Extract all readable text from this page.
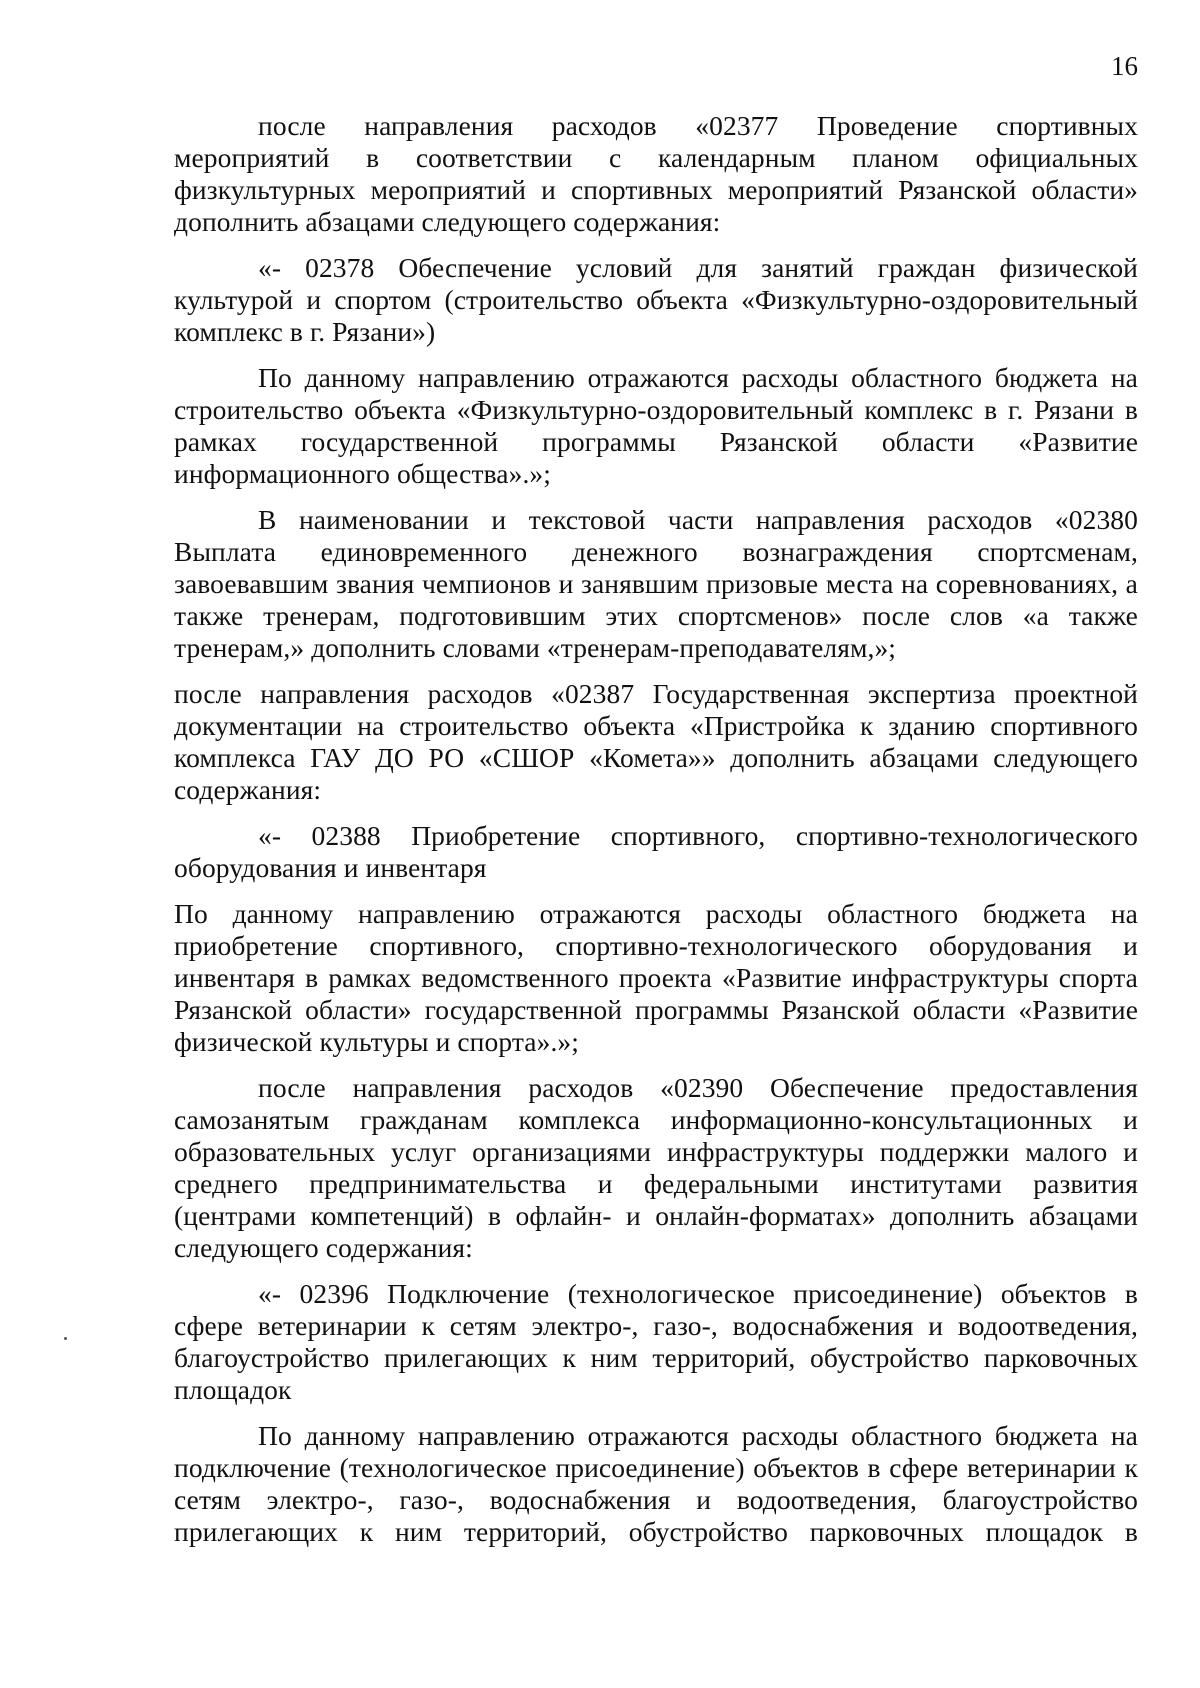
16

после направления расходов «02377 Проведение спортивных мероприятий в соответствии с календарным планом официальных физкультурных мероприятий и спортивных мероприятий Рязанской области» дополнить абзацами следующего содержания:

«- 02378 Обеспечение условий для занятий граждан физической культурой и спортом (строительство объекта «Физкультурно-оздоровительный комплекс в г. Рязани»)

По данному направлению отражаются расходы областного бюджета на строительство объекта «Физкультурно-оздоровительный комплекс в г. Рязани в рамках государственной программы Рязанской области «Развитие информационного общества».»;

В наименовании и текстовой части направления расходов «02380 Выплата единовременного денежного вознаграждения спортсменам, завоевавшим звания чемпионов и занявшим призовые места на соревнованиях, а также тренерам, подготовившим этих спортсменов» после слов «а также тренерам,» дополнить словами «тренерам-преподавателям,»;

после направления расходов «02387 Государственная экспертиза проектной документации на строительство объекта «Пристройка к зданию спортивного комплекса ГАУ ДО РО «СШОР «Комета»» дополнить абзацами следующего содержания:

«- 02388 Приобретение спортивного, спортивно-технологического оборудования и инвентаря

По данному направлению отражаются расходы областного бюджета на приобретение спортивного, спортивно-технологического оборудования и инвентаря в рамках ведомственного проекта «Развитие инфраструктуры спорта Рязанской области» государственной программы Рязанской области «Развитие физической культуры и спорта».»;

после направления расходов «02390 Обеспечение предоставления самозанятым гражданам комплекса информационно-консультационных и образовательных услуг организациями инфраструктуры поддержки малого и среднего предпринимательства и федеральными институтами развития (центрами компетенций) в офлайн- и онлайн-форматах» дополнить абзацами следующего содержания:

«- 02396 Подключение (технологическое присоединение) объектов в сфере ветеринарии к сетям электро-, газо-, водоснабжения и водоотведения, благоустройство прилегающих к ним территорий, обустройство парковочных площадок

По данному направлению отражаются расходы областного бюджета на подключение (технологическое присоединение) объектов в сфере ветеринарии к сетям электро-, газо-, водоснабжения и водоотведения, благоустройство прилегающих к ним территорий, обустройство парковочных площадок в
